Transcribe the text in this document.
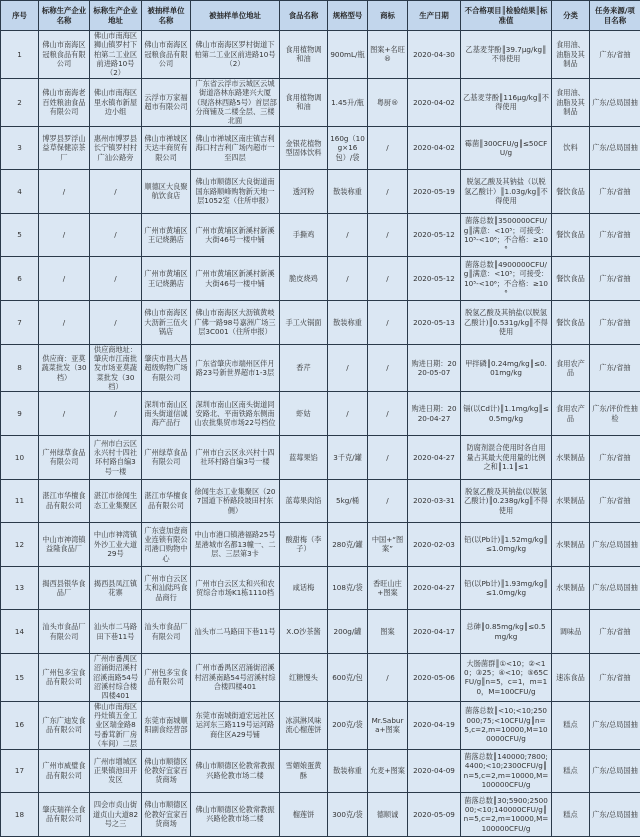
序号	标称生产企业名称	标称生产企业地址	被抽样单位名称	被抽样单位地址	食品名称	规格型号	商标	生产日期	不合格项目║检验结果║标准值	分类	任务来源/项目名称
1	佛山市南海区冠粮食品有限公司	佛山市南海区狮山镇罗村下柏第二工业区前进路10号（2）	佛山市南海区冠粮食品有限公司	佛山市南海区罗村街道下柏第二工业区前进路10号（2）	食用植物调和油	900mL/瓶	图案+名旺®	2020-04-30	乙基麦芽酚║39.7μg/kg║不得使用	食用油、油脂及其制品	广东/省抽
2	佛山市南海老百姓粮油食品有限公司	佛山市南海区里水镇布新屋边小组	云浮市万家福超市有限公司	广东省云浮市云城区云城街道洛林东路建兴大厦（现洛林西路5号）首层部分商铺及二楼全层、三楼北面	食用植物调和油	1.45升/瓶	粤厨®	2020-04-02	乙基麦芽酚║116μg/kg║不得使用	食用油、油脂及其制品	广东/总局国抽
3	博罗县罗浮山益草保健凉茶厂	惠州市博罗县长宁镇罗村村广汕公路旁	佛山市禅城区天达丰商贸有限公司	佛山市禅城区南庄镇吉利海口村吉利广场内超市一至四层	金银花植物型固体饮料	160g（10g×16包）/袋	/	2020-04-02	霉菌║300CFU/g║≤50CFU/g	饮料	广东/总局国抽
4	/	/	顺德区大良聚航饮食店	佛山市顺德区大良街道南国东路顺峰购物新天地一层1052室（住所申报）	透河粉	散装称重	/	2020-05-19	脱氢乙酸及其钠盐（以脱氢乙酸计）║1.03g/kg║不得使用	餐饮食品	广东/省抽
5	/	/	广州市黄埔区王记烧鹅店	广州市黄埔区新溪村新溪大街46号一楼中铺	手撕鸡	/	/	2020-05-12	菌落总数║3500000CFU/g║满意：<10⁵；可接受：10⁵-<10⁶；不合格：≥10⁶	餐饮食品	广东/省抽
6	/	/	广州市黄埔区王记烧鹅店	广州市黄埔区新溪村新溪大街46号一楼中铺	脆皮烧鸡	/	/	2020-05-12	菌落总数║4900000CFU/g║满意：<10⁵；可接受：10⁵-<10⁶；不合格：≥10⁶	餐饮食品	广东/省抽
7	/	/	佛山市南海区大沥新三伍火锅店	佛山市南海区大沥镇黄岐广佛一路98号嘉洲广场三层3C001（住所申报）	手工火锅面	散装称重	/	2020-05-13	脱氢乙酸及其钠盐(以脱氢乙酸计)║0.531g/kg║不得使用	餐饮食品	广东/省抽
8	供应商：亚莫蔬菜批发（30档）	供应商地址：肇庆市江南批发市场亚莫蔬菜批发（30档）	肇庆市昌大昌超级购物广场有限公司	广东省肇庆市端州区伴月路23号新世界超市1-3层	香芹	/	/	购进日期：2020-05-07	甲拌磷║0.24mg/kg║≤0.01mg/kg	食用农产品	广东/省抽
9	/	/	深圳市南山区南头街道信诚海产品行	深圳市南山区南头街道同安路北、平南铁路东侧南山农批集贸市场22号档位	虾姑	/	/	购进日期：2020-04-27	镉(以Cd计)║1.1mg/kg║≤0.5mg/kg	食用农产品	广东/评价性抽检
10	广州绿草食品有限公司	广州市白云区永兴村十四社环村路自编3号一楼	广州绿草食品有限公司	广州市白云区永兴村十四社环村路自编3号一楼	蓝莓果馅	3千克/罐	/	2020-04-27	防腐剂混合使用时各自用量占其最大使用量的比例之和║1.1║≤1	水果制品	广东/省抽
11	湛江市华檀食品有限公司	湛江市徐闻生态工业集聚区	湛江市华檀食品有限公司	徐闻生态工业集聚区（207国道下桥路段坡田村东侧）	蓝莓果肉馅	5kg/桶	/	2020-03-31	脱氢乙酸及其钠盐(以脱氢乙酸计)║0.238g/kg║不得使用	水果制品	广东/省抽
12	中山市神湾镇益隆食品厂	中山市神湾镇外沙工业大道29号	广东壹加壹商业连锁有限公司港口购物中心	中山市港口镇港福路25号星港城市名都13幢一、二层、三层第3卡	酸甜梅（李子）	280克/罐	中国+“图案”	2020-02-03	铅(以Pb计)║1.52mg/kg║≤1.0mg/kg	水果制品	广东/总局国抽
13	揭西县银华食品厂	揭西县凤江镇花寨	广州市白云区太和汕陆玛食品商行	广州市白云区太和兴和农贸综合市场K1栋1110档	咸话梅	108克/袋	香旺山庄+图案	2020-04-27	铅(以Pb计)║1.93mg/kg║≤1.0mg/kg	水果制品	广东/总局国抽
14	汕头市食品厂有限公司	汕头市二马路田下巷11号	汕头市食品厂有限公司	汕头市二马路田下巷11号	X.O沙茶酱	200g/罐	图案	2020-04-17	总砷║0.85mg/kg║≤0.5mg/kg	调味品	广东/省抽
15	广州包多宝食品有限公司	广州市番禺区沼涌街沼溪村沼溪南路54号沼溪村综合楼四楼401	广州包多宝食品有限公司	广州市番禺区沼涌街沼溪村沼溪南路54号沼溪村综合楼四楼401	红糖馒头	600克/包	/	2020-05-06	大肠菌群║①<10；②<10；③25；④<10；⑤65CFU/g║n=5，c=1，m=10，M=100CFU/g	速冻食品	广东/省抽
16	广东广迪发食品有限公司	佛山市南海区丹灶镇五金工业区瑞金路8号番茸新厂房（车间）二层	东莞市南城顺阳副食经营部	东莞市南城街道宏远社区运河东三路119号运河路商住区A29号铺	冰淇淋风味流心榴莲饼	200克/袋	Mr.Sabura+图案	2020-04-19	菌落总数║<10;<10;250000;75;<10CFU/g║n=5,c=2,m=10000,M=100000CFU/g	糕点	广东/总局国抽
17	广州市威璧食品有限公司	广州市增城区正果镇池田开发区	佛山市顺德区伦教好宜家百货商场	佛山市顺德区伦教常教振兴路伦教市场二楼	雪媚娘蛋黄酥	散装称重	允麦+图案	2020-04-09	菌落总数║140000;7800;4400;<10;2300CFU/g║n=5,c=2,m=10000,M=100000CFU/g	糕点	广东/总局国抽
18	肇庆瑞祥全食品有限公司	四会市贞山街道贞山大道82号之三	佛山市顺德区伦教好宜家百货商场	佛山市顺德区伦教常教振兴路伦教市场二楼	榴莲饼	300克/袋	德顺诚	2020-05-09	菌落总数║30;5900;250000;<10;140000CFU/g║n=5,c=2,m=10000,M=100000CFU/g	糕点	广东/总局国抽
